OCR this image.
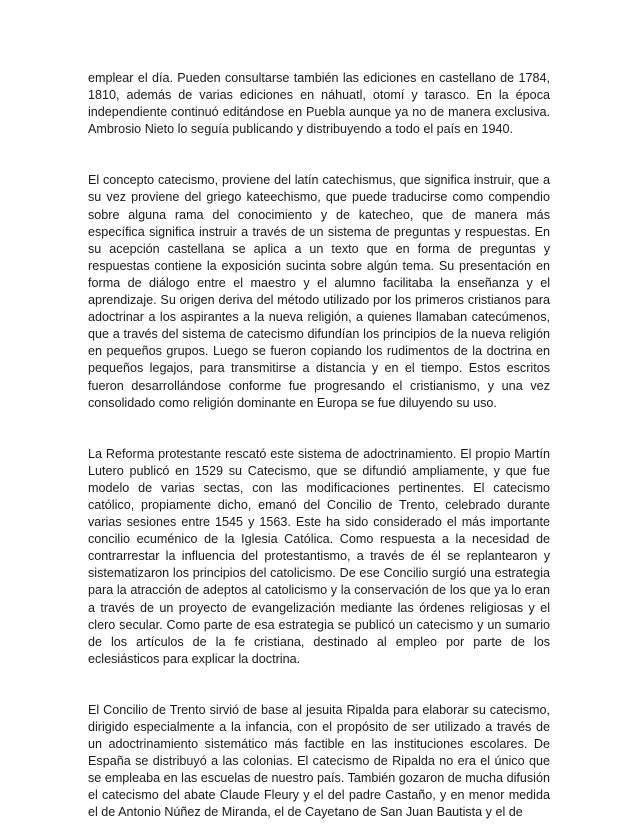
emplear el día. Pueden consultarse también las ediciones en castellano de 1784, 1810, además de varias ediciones en náhuatl, otomí y tarasco. En la época independiente continuó editándose en Puebla aunque ya no de manera exclusiva. Ambrosio Nieto lo seguía publicando y distribuyendo a todo el país en 1940.

El concepto catecismo, proviene del latín catechismus, que significa instruir, que a su vez proviene del griego kateechismo, que puede traducirse como compendio sobre alguna rama del conocimiento y de katecheo, que de manera más específica significa instruir a través de un sistema de preguntas y respuestas. En su acepción castellana se aplica a un texto que en forma de preguntas y respuestas contiene la exposición sucinta sobre algún tema. Su presentación en forma de diálogo entre el maestro y el alumno facilitaba la enseñanza y el aprendizaje. Su origen deriva del método utilizado por los primeros cristianos para adoctrinar a los aspirantes a la nueva religión, a quienes llamaban catecúmenos, que a través del sistema de catecismo difundían los principios de la nueva religión en pequeños grupos. Luego se fueron copiando los rudimentos de la doctrina en pequeños legajos, para transmitirse a distancia y en el tiempo. Estos escritos fueron desarrollándose conforme fue progresando el cristianismo, y una vez consolidado como religión dominante en Europa se fue diluyendo su uso.

La Reforma protestante rescató este sistema de adoctrinamiento. El propio Martín Lutero publicó en 1529 su Catecismo, que se difundió ampliamente, y que fue modelo de varias sectas, con las modificaciones pertinentes. El catecismo católico, propiamente dicho, emanó del Concilio de Trento, celebrado durante varias sesiones entre 1545 y 1563. Este ha sido considerado el más importante concilio ecuménico de la Iglesia Católica. Como respuesta a la necesidad de contrarrestar la influencia del protestantismo, a través de él se replantearon y sistematizaron los principios del catolicismo. De ese Concilio surgió una estrategia para la atracción de adeptos al catolicismo y la conservación de los que ya lo eran a través de un proyecto de evangelización mediante las órdenes religiosas y el clero secular. Como parte de esa estrategia se publicó un catecismo y un sumario de los artículos de la fe cristiana, destinado al empleo por parte de los eclesiásticos para explicar la doctrina.

El Concilio de Trento sirvió de base al jesuita Ripalda para elaborar su catecismo, dirigido especialmente a la infancia, con el propósito de ser utilizado a través de un adoctrinamiento sistemático más factible en las instituciones escolares. De España se distribuyó a las colonias. El catecismo de Ripalda no era el único que se empleaba en las escuelas de nuestro país. También gozaron de mucha difusión el catecismo del abate Claude Fleury y el del padre Castaño, y en menor medida el de Antonio Núñez de Miranda, el de Cayetano de San Juan Bautista y el de
